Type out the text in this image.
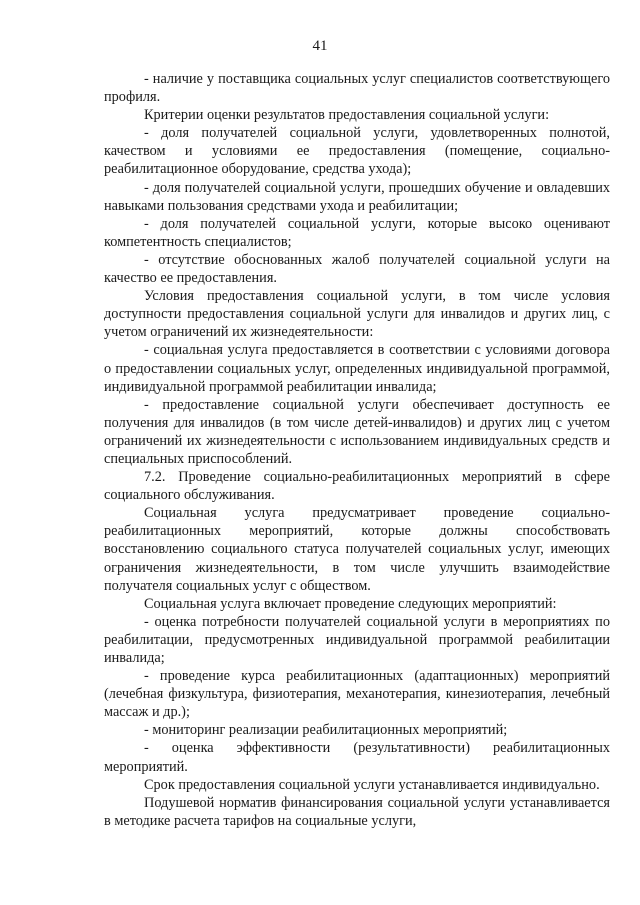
41

- наличие у поставщика социальных услуг специалистов соответствующего профиля.

Критерии оценки результатов предоставления социальной услуги:

- доля получателей социальной услуги, удовлетворенных полнотой, качеством и условиями ее предоставления (помещение, социально-реабилитационное оборудование, средства ухода);

- доля получателей социальной услуги, прошедших обучение и овладевших навыками пользования средствами ухода и реабилитации;

- доля получателей социальной услуги, которые высоко оценивают компетентность специалистов;

- отсутствие обоснованных жалоб получателей социальной услуги на качество ее предоставления.

Условия предоставления социальной услуги, в том числе условия доступности предоставления социальной услуги для инвалидов и других лиц, с учетом ограничений их жизнедеятельности:

- социальная услуга предоставляется в соответствии с условиями договора о предоставлении социальных услуг, определенных индивидуальной программой, индивидуальной программой реабилитации инвалида;

- предоставление социальной услуги обеспечивает доступность ее получения для инвалидов (в том числе детей-инвалидов) и других лиц с учетом ограничений их жизнедеятельности с использованием индивидуальных средств и специальных приспособлений.

7.2. Проведение социально-реабилитационных мероприятий в сфере социального обслуживания.

Социальная услуга предусматривает проведение социально-реабилитационных мероприятий, которые должны способствовать восстановлению социального статуса получателей социальных услуг, имеющих ограничения жизнедеятельности, в том числе улучшить взаимодействие получателя социальных услуг с обществом.

Социальная услуга включает проведение следующих мероприятий:

- оценка потребности получателей социальной услуги в мероприятиях по реабилитации, предусмотренных индивидуальной программой реабилитации инвалида;

- проведение курса реабилитационных (адаптационных) мероприятий (лечебная физкультура, физиотерапия, механотерапия, кинезиотерапия, лечебный массаж и др.);

- мониторинг реализации реабилитационных мероприятий;

- оценка эффективности (результативности) реабилитационных мероприятий.

Срок предоставления социальной услуги устанавливается индивидуально.

Подушевой норматив финансирования социальной услуги устанавливается в методике расчета тарифов на социальные услуги,
